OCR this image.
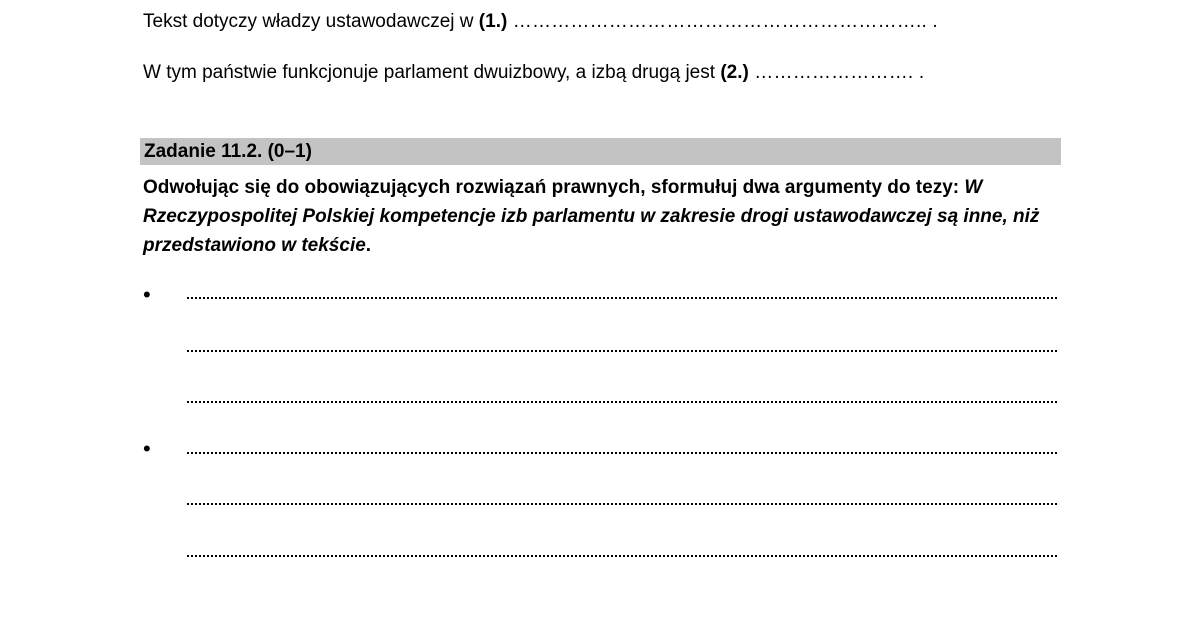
Tekst dotyczy władzy ustawodawczej w (1.) ……………………………………………………….. .
W tym państwie funkcjonuje parlament dwuizbowy, a izbą drugą jest (2.) ……………………. .
Zadanie 11.2. (0–1)
Odwołując się do obowiązujących rozwiązań prawnych, sformułuj dwa argumenty do tezy: W Rzeczypospolitej Polskiej kompetencje izb parlamentu w zakresie drogi ustawodawczej są inne, niż przedstawiono w tekście.
•
•
